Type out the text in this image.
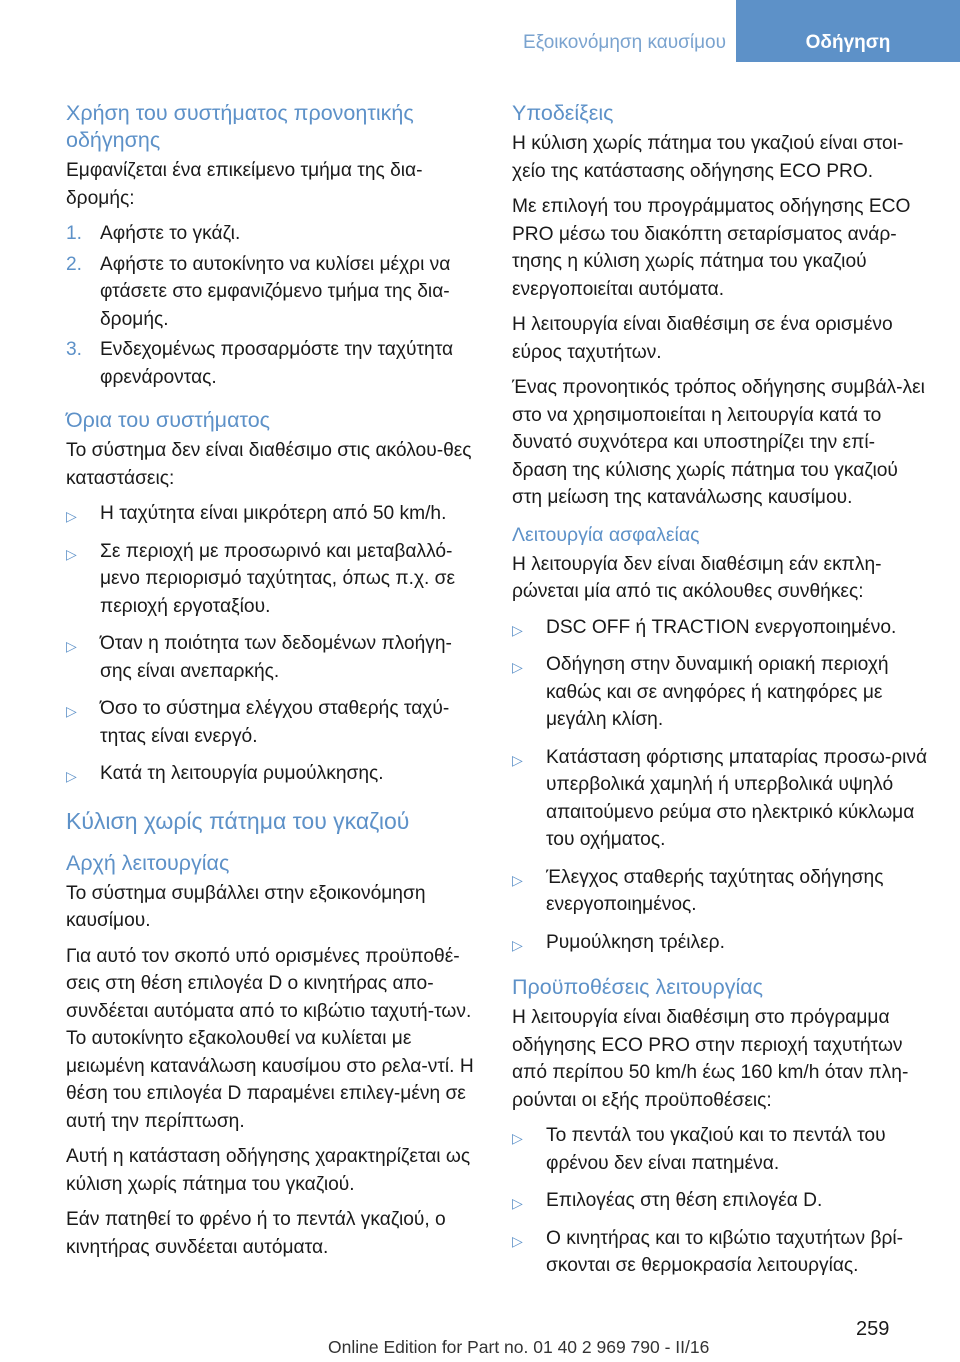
Εξοικονόμηση καυσίμου	Οδήγηση
Χρήση του συστήματος προνοητικής οδήγησης

Εμφανίζεται ένα επικείμενο τμήμα της δια-δρομής:

1. Αφήστε το γκάζι.
2. Αφήστε το αυτοκίνητο να κυλίσει μέχρι να φτάσετε στο εμφανιζόμενο τμήμα της δια-δρομής.
3. Ενδεχομένως προσαρμόστε την ταχύτητα φρενάροντας.
Όρια του συστήματος

Το σύστημα δεν είναι διαθέσιμο στις ακόλου-θες καταστάσεις:

▷ Η ταχύτητα είναι μικρότερη από 50 km/h.
▷ Σε περιοχή με προσωρινό και μεταβαλλό-μενο περιορισμό ταχύτητας, όπως π.χ. σε περιοχή εργοταξίου.
▷ Όταν η ποιότητα των δεδομένων πλοήγη-σης είναι ανεπαρκής.
▷ Όσο το σύστημα ελέγχου σταθερής ταχύ-τητας είναι ενεργό.
▷ Κατά τη λειτουργία ρυμούλκησης.
Κύλιση χωρίς πάτημα του γκαζιού
Αρχή λειτουργίας

Το σύστημα συμβάλλει στην εξοικονόμηση καυσίμου.

Για αυτό τον σκοπό υπό ορισμένες προϋποθέ-σεις στη θέση επιλογέα D ο κινητήρας απο-συνδέεται αυτόματα από το κιβώτιο ταχυτή-των. Το αυτοκίνητο εξακολουθεί να κυλίεται με μειωμένη κατανάλωση καυσίμου στο ρελα-ντί. Η θέση του επιλογέα D παραμένει επιλεγ-μένη σε αυτή την περίπτωση.

Αυτή η κατάσταση οδήγησης χαρακτηρίζεται ως κύλιση χωρίς πάτημα του γκαζιού.

Εάν πατηθεί το φρένο ή το πεντάλ γκαζιού, ο κινητήρας συνδέεται αυτόματα.

Υποδείξεις

Η κύλιση χωρίς πάτημα του γκαζιού είναι στοι-χείο της κατάστασης οδήγησης ECO PRO.

Με επιλογή του προγράμματος οδήγησης ECO PRO μέσω του διακόπτη σεταρίσματος ανάρ-τησης η κύλιση χωρίς πάτημα του γκαζιού ενεργοποιείται αυτόματα.

Η λειτουργία είναι διαθέσιμη σε ένα ορισμένο εύρος ταχυτήτων.

Ένας προνοητικός τρόπος οδήγησης συμβάλ-λει στο να χρησιμοποιείται η λειτουργία κατά το δυνατό συχνότερα και υποστηρίζει την επί-δραση της κύλισης χωρίς πάτημα του γκαζιού στη μείωση της κατανάλωσης καυσίμου.

Λειτουργία ασφαλείας

Η λειτουργία δεν είναι διαθέσιμη εάν εκπλη-ρώνεται μία από τις ακόλουθες συνθήκες:

▷ DSC OFF ή TRACTION ενεργοποιημένο.
▷ Οδήγηση στην δυναμική οριακή περιοχή καθώς και σε ανηφόρες ή κατηφόρες με μεγάλη κλίση.
▷ Κατάσταση φόρτισης μπαταρίας προσω-ρινά υπερβολικά χαμηλή ή υπερβολικά υψηλό απαιτούμενο ρεύμα στο ηλεκτρικό κύκλωμα του οχήματος.
▷ Έλεγχος σταθερής ταχύτητας οδήγησης ενεργοποιημένος.
▷ Ρυμούλκηση τρέιλερ.
Προϋποθέσεις λειτουργίας

Η λειτουργία είναι διαθέσιμη στο πρόγραμμα οδήγησης ECO PRO στην περιοχή ταχυτήτων από περίπου 50 km/h έως 160 km/h όταν πλη-ρούνται οι εξής προϋποθέσεις:

▷ Το πεντάλ του γκαζιού και το πεντάλ του φρένου δεν είναι πατημένα.
▷ Επιλογέας στη θέση επιλογέα D.
▷ Ο κινητήρας και το κιβώτιο ταχυτήτων βρί-σκονται σε θερμοκρασία λειτουργίας.
259
Online Edition for Part no. 01 40 2 969 790 - II/16
